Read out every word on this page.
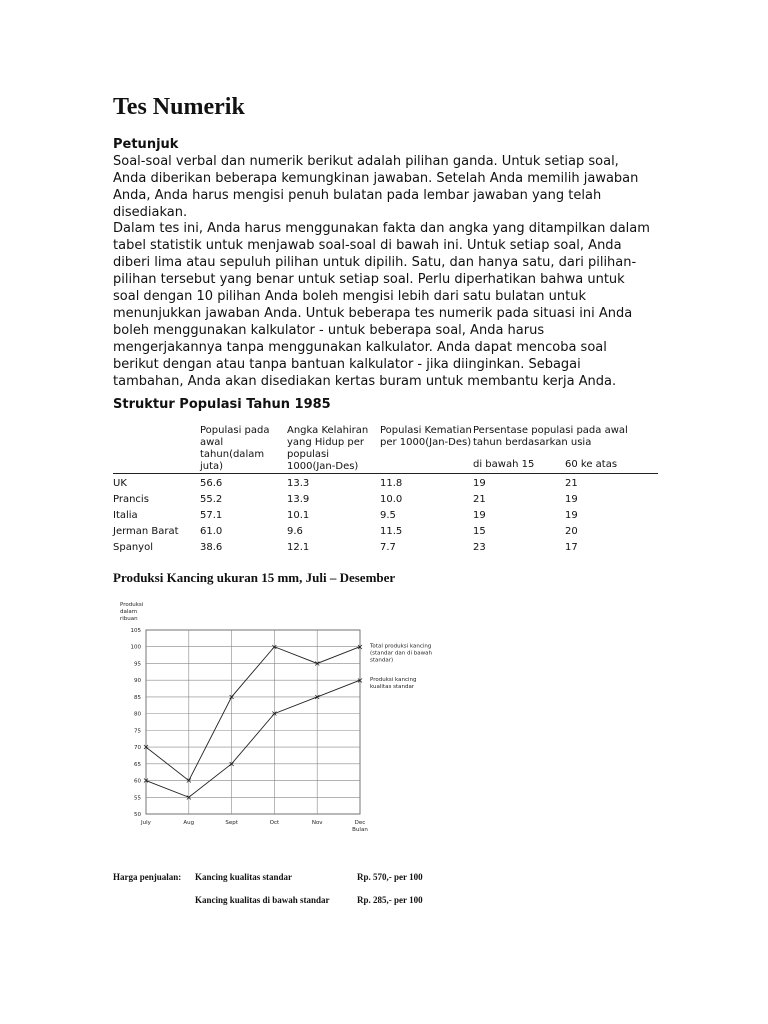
Tes Numerik
Petunjuk

Soal-soal verbal dan numerik berikut adalah pilihan ganda. Untuk setiap soal, Anda diberikan beberapa kemungkinan jawaban. Setelah Anda memilih jawaban Anda, Anda harus mengisi penuh bulatan pada lembar jawaban yang telah disediakan.

Dalam tes ini, Anda harus menggunakan fakta dan angka yang ditampilkan dalam tabel statistik untuk menjawab soal-soal di bawah ini. Untuk setiap soal, Anda diberi lima atau sepuluh pilihan untuk dipilih. Satu, dan hanya satu, dari pilihan-pilihan tersebut yang benar untuk setiap soal. Perlu diperhatikan bahwa untuk soal dengan 10 pilihan Anda boleh mengisi lebih dari satu bulatan untuk menunjukkan jawaban Anda. Untuk beberapa tes numerik pada situasi ini Anda boleh menggunakan kalkulator - untuk beberapa soal, Anda harus mengerjakannya tanpa menggunakan kalkulator. Anda dapat mencoba soal berikut dengan atau tanpa bantuan kalkulator - jika diinginkan. Sebagai tambahan, Anda akan disediakan kertas buram untuk membantu kerja Anda.

Struktur Populasi Tahun 1985
	Populasi pada awal tahun(dalam juta)	Angka Kelahiran yang Hidup per populasi 1000(Jan-Des)	Populasi Kematian per 1000(Jan-Des)	Persentase populasi pada awal tahun berdasarkan usia	
				di bawah 15	60 ke atas

UK	56.6	13.3	11.8	19	21
Prancis	55.2	13.9	10.0	21	19
Italia	57.1	10.1	9.5	19	19
Jerman Barat	61.0	9.6	11.5	15	20
Spanyol	38.6	12.1	7.7	23	17
Produksi Kancing ukuran 15 mm, Juli – Desember
50
55
60
65
70
75
80
85
90
95
100
105
July	Aug	Sept	Oct	Nov	Dec
Produksi
dalam
ribuan
Bulan
×
×
×
×
×
×
×
×
×
×
×
×
Total produksi kancing (standar dan di bawah standar)
Produksi kancing kualitas standar
Harga penjualan: Kancing kualitas standar	Rp. 570,- per 100
Kancing kualitas di bawah standar	Rp. 285,- per 100
